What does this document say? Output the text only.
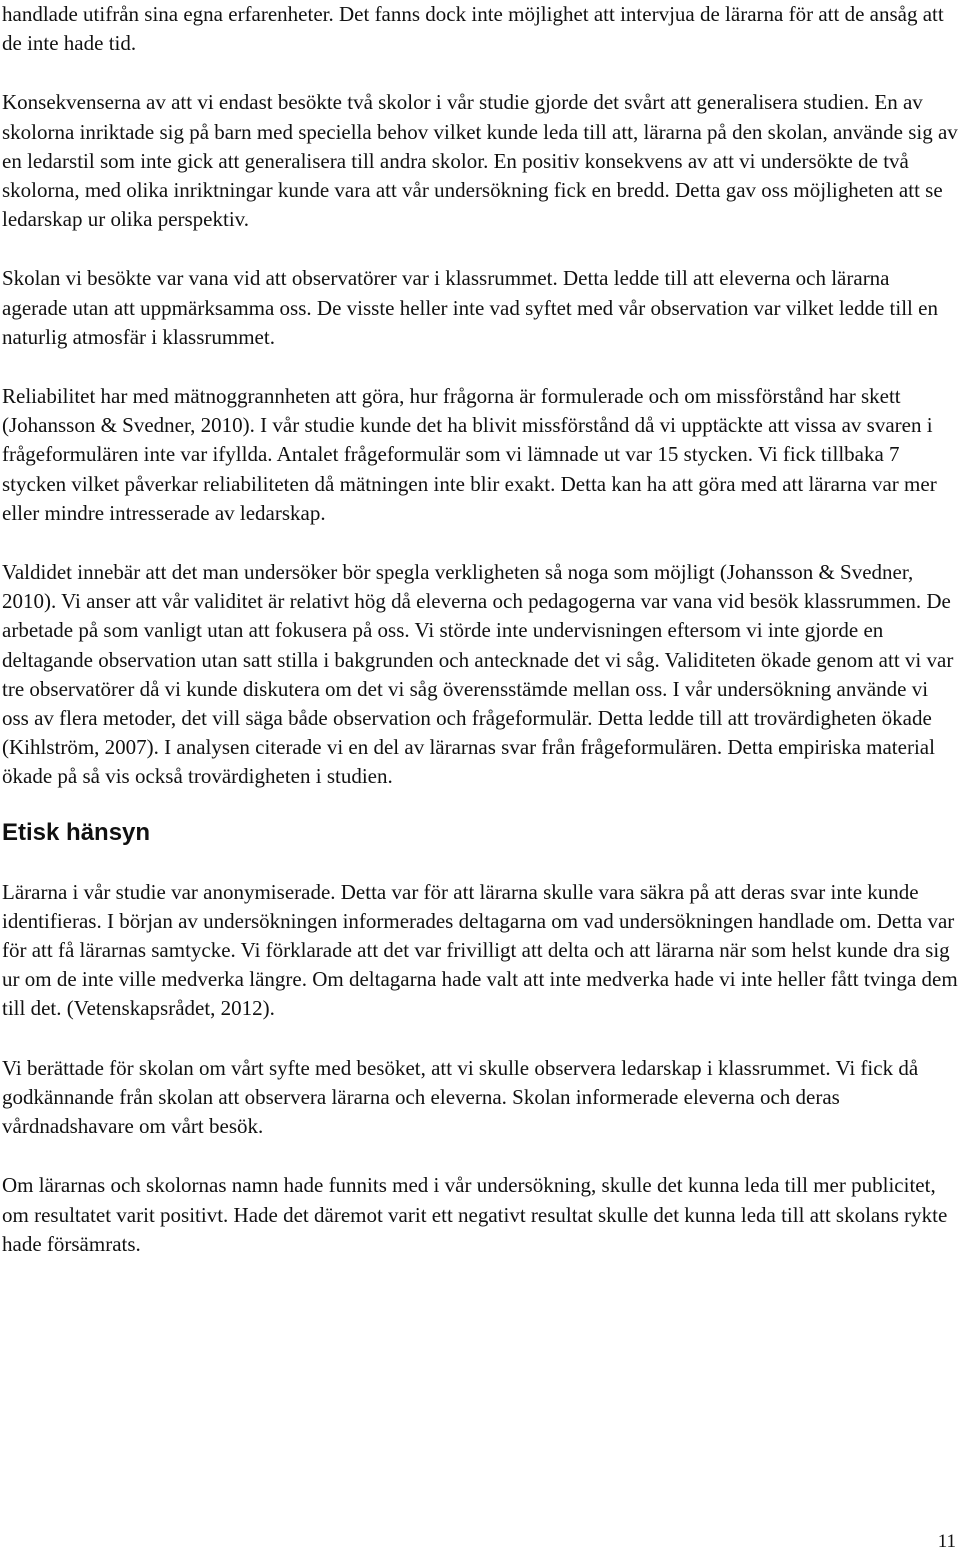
handlade utifrån sina egna erfarenheter. Det fanns dock inte möjlighet att intervjua de lärarna för att de ansåg att de inte hade tid.

Konsekvenserna av att vi endast besökte två skolor i vår studie gjorde det svårt att generalisera studien. En av skolorna inriktade sig på barn med speciella behov vilket kunde leda till att, lärarna på den skolan, använde sig av en ledarstil som inte gick att generalisera till andra skolor. En positiv konsekvens av att vi undersökte de två skolorna, med olika inriktningar kunde vara att vår undersökning fick en bredd. Detta gav oss möjligheten att se ledarskap ur olika perspektiv.

Skolan vi besökte var vana vid att observatörer var i klassrummet. Detta ledde till att eleverna och lärarna agerade utan att uppmärksamma oss. De visste heller inte vad syftet med vår observation var vilket ledde till en naturlig atmosfär i klassrummet.

Reliabilitet har med mätnoggrannheten att göra, hur frågorna är formulerade och om missförstånd har skett (Johansson & Svedner, 2010). I vår studie kunde det ha blivit missförstånd då vi upptäckte att vissa av svaren i frågeformulären inte var ifyllda. Antalet frågeformulär som vi lämnade ut var 15 stycken. Vi fick tillbaka 7 stycken vilket påverkar reliabiliteten då mätningen inte blir exakt. Detta kan ha att göra med att lärarna var mer eller mindre intresserade av ledarskap.

Valdidet innebär att det man undersöker bör spegla verkligheten så noga som möjligt (Johansson & Svedner, 2010). Vi anser att vår validitet är relativt hög då eleverna och pedagogerna var vana vid besök klassrummen. De arbetade på som vanligt utan att fokusera på oss. Vi störde inte undervisningen eftersom vi inte gjorde en deltagande observation utan satt stilla i bakgrunden och antecknade det vi såg. Validiteten ökade genom att vi var tre observatörer då vi kunde diskutera om det vi såg överensstämde mellan oss. I vår undersökning använde vi oss av flera metoder, det vill säga både observation och frågeformulär. Detta ledde till att trovärdigheten ökade (Kihlström, 2007). I analysen citerade vi en del av lärarnas svar från frågeformulären. Detta empiriska material ökade på så vis också trovärdigheten i studien.

Etisk hänsyn

Lärarna i vår studie var anonymiserade. Detta var för att lärarna skulle vara säkra på att deras svar inte kunde identifieras. I början av undersökningen informerades deltagarna om vad undersökningen handlade om. Detta var för att få lärarnas samtycke. Vi förklarade att det var frivilligt att delta och att lärarna när som helst kunde dra sig ur om de inte ville medverka längre. Om deltagarna hade valt att inte medverka hade vi inte heller fått tvinga dem till det. (Vetenskapsrådet, 2012).

Vi berättade för skolan om vårt syfte med besöket, att vi skulle observera ledarskap i klassrummet. Vi fick då godkännande från skolan att observera lärarna och eleverna. Skolan informerade eleverna och deras vårdnadshavare om vårt besök.

Om lärarnas och skolornas namn hade funnits med i vår undersökning, skulle det kunna leda till mer publicitet, om resultatet varit positivt. Hade det däremot varit ett negativt resultat skulle det kunna leda till att skolans rykte hade försämrats.

11
